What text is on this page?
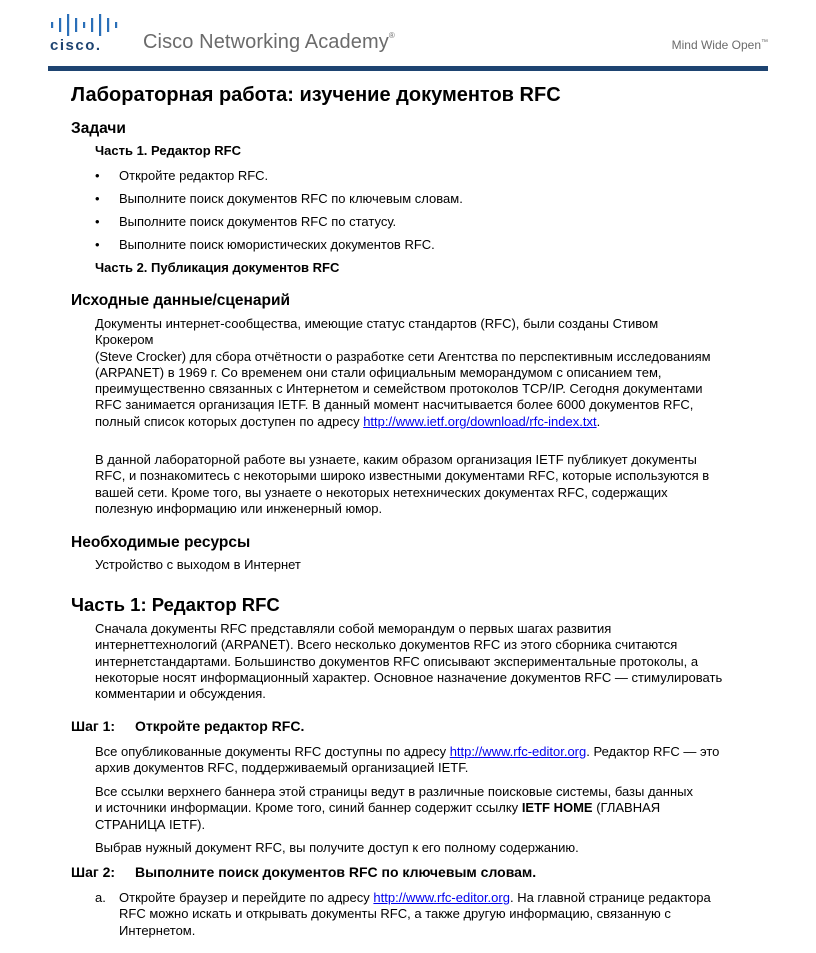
cisco. Cisco Networking Academy®
Mind Wide Open™
Лабораторная работа: изучение документов RFC
Задачи
Часть 1. Редактор RFC
• Откройте редактор RFC.
• Выполните поиск документов RFC по ключевым словам.
• Выполните поиск документов RFC по статусу.
• Выполните поиск юмористических документов RFC.
Часть 2. Публикация документов RFC
Исходные данные/сценарий
Документы интернет-сообщества, имеющие статус стандартов (RFC), были созданы Стивом
Крокером
(Steve Crocker) для сбора отчётности о разработке сети Агентства по перспективным исследованиям (ARPANET) в 1969 г. Со временем они стали официальным меморандумом с описанием тем, преимущественно связанных с Интернетом и семейством протоколов TCP/IP. Сегодня документами RFC занимается организация IETF. В данный момент насчитывается более 6000 документов RFC, полный список которых доступен по адресу http://www.ietf.org/download/rfc-index.txt.
В данной лабораторной работе вы узнаете, каким образом организация IETF публикует документы RFC, и познакомитесь с некоторыми широко известными документами RFC, которые используются в вашей сети. Кроме того, вы узнаете о некоторых нетехнических документах RFC, содержащих полезную информацию или инженерный юмор.
Необходимые ресурсы
Устройство с выходом в Интернет
Часть 1: Редактор RFC
Сначала документы RFC представляли собой меморандум о первых шагах развития интернеттехнологий (ARPANET). Всего несколько документов RFC из этого сборника считаются интернетстандартами. Большинство документов RFC описывают экспериментальные протоколы, а некоторые носят информационный характер. Основное назначение документов RFC — стимулировать комментарии и обсуждения.
Шаг 1: Откройте редактор RFC.
Все опубликованные документы RFC доступны по адресу http://www.rfc-editor.org. Редактор RFC — это архив документов RFC, поддерживаемый организацией IETF.
Все ссылки верхнего баннера этой страницы ведут в различные поисковые системы, базы данных и источники информации. Кроме того, синий баннер содержит ссылку IETF HOME (ГЛАВНАЯ СТРАНИЦА IETF).
Выбрав нужный документ RFC, вы получите доступ к его полному содержанию.
Шаг 2: Выполните поиск документов RFC по ключевым словам.
a. Откройте браузер и перейдите по адресу http://www.rfc-editor.org. На главной странице редактора RFC можно искать и открывать документы RFC, а также другую информацию, связанную с Интернетом.
